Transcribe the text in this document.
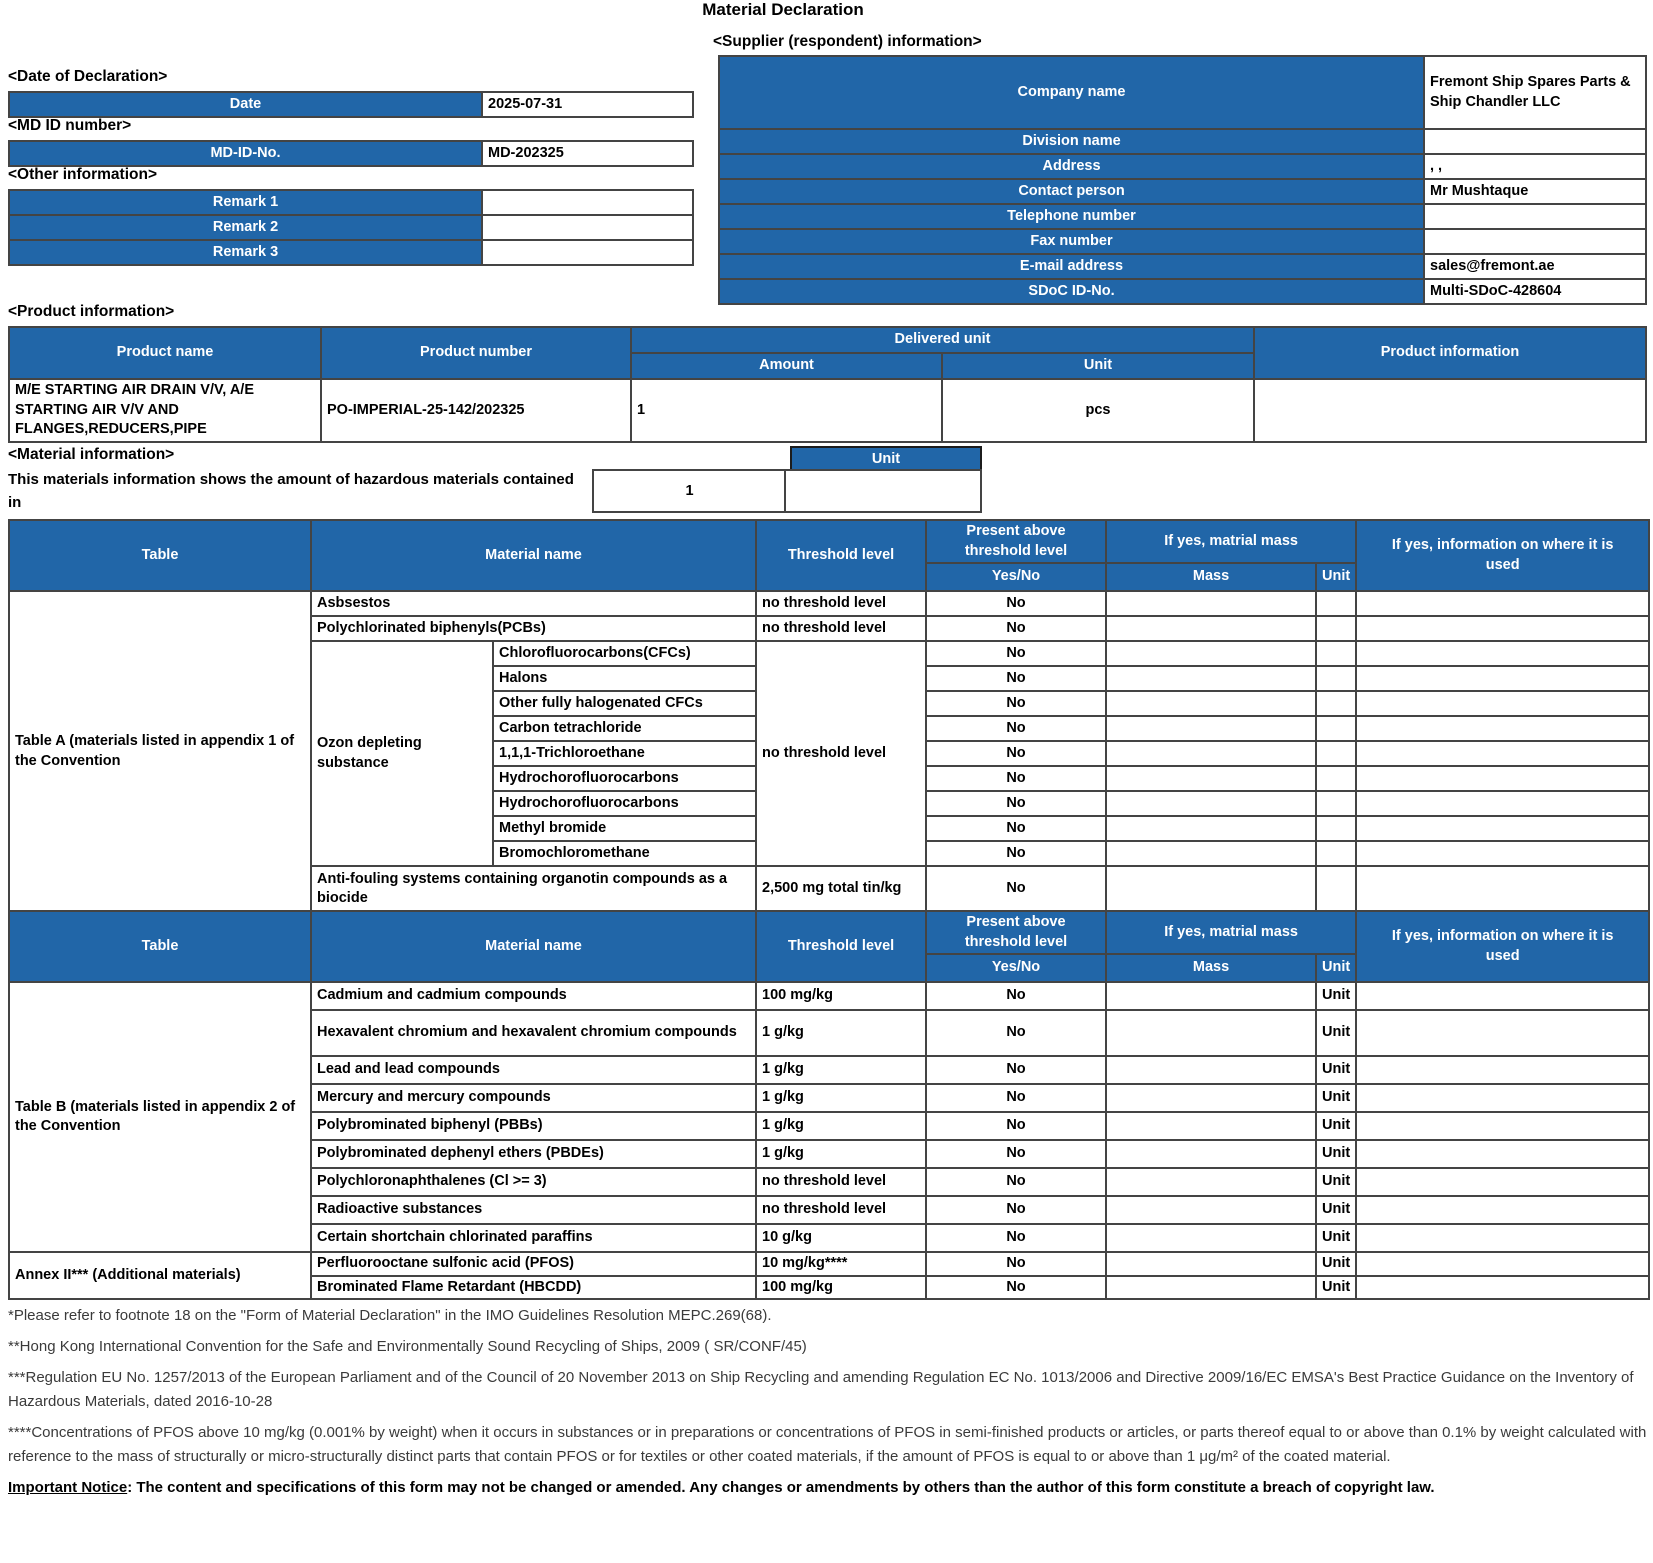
Material Declaration
<Supplier (respondent) information>
<Date of Declaration>
Date	2025-07-31
<MD ID number>
MD-ID-No.	MD-202325
<Other information>
Remark 1	
Remark 2	
Remark 3	
Company name	Fremont Ship Spares Parts & Ship Chandler LLC
Division name	
Address	, ,
Contact person	Mr Mushtaque
Telephone number	
Fax number	
E-mail address	sales@fremont.ae
SDoC ID-No.	Multi-SDoC-428604
<Product information>
Product name	Product number	Delivered unit		Product information
		Amount	Unit	
M/E STARTING AIR DRAIN V/V, A/E STARTING AIR V/V AND FLANGES,REDUCERS,PIPE	PO-IMPERIAL-25-142/202325	1	pcs	
<Material information>
This materials information shows the amount of hazardous materials contained in
Unit
1
Table	Material name		Threshold level	Present above threshold level	If yes, matrial mass		If yes, information on where it is used
				Yes/No	Mass	Unit	
Table A (materials listed in appendix 1 of the Convention	Asbsestos		no threshold level	No			
	Polychlorinated biphenyls(PCBs)		no threshold level	No			
	Ozon depleting substance	Chlorofluorocarbons(CFCs)	no threshold level	No			
		Halons		No			
		Other fully halogenated CFCs		No			
		Carbon tetrachloride		No			
		1,1,1-Trichloroethane		No			
		Hydrochorofluorocarbons		No			
		Hydrochorofluorocarbons		No			
		Methyl bromide		No			
		Bromochloromethane		No			
	Anti-fouling systems containing organotin compounds as a biocide		2,500 mg total tin/kg	No			
Table	Material name	Threshold level	Present above threshold level	If yes, matrial mass		If yes, information on where it is used
			Yes/No	Mass	Unit	
Table B (materials listed in appendix 2 of the Convention	Cadmium and cadmium compounds	100 mg/kg	No		Unit	
	Hexavalent chromium and hexavalent chromium compounds	1 g/kg	No		Unit	
	Lead and lead compounds	1 g/kg	No		Unit	
	Mercury and mercury compounds	1 g/kg	No		Unit	
	Polybrominated biphenyl (PBBs)	1 g/kg	No		Unit	
	Polybrominated dephenyl ethers (PBDEs)	1 g/kg	No		Unit	
	Polychloronaphthalenes (Cl >= 3)	no threshold level	No		Unit	
	Radioactive substances	no threshold level	No		Unit	
	Certain shortchain chlorinated paraffins	10 g/kg	No		Unit	
Annex II*** (Additional materials)	Perfluorooctane sulfonic acid (PFOS)	10 mg/kg****	No		Unit	
	Brominated Flame Retardant (HBCDD)	100 mg/kg	No		Unit	

*Please refer to footnote 18 on the "Form of Material Declaration" in the IMO Guidelines Resolution MEPC.269(68).

**Hong Kong International Convention for the Safe and Environmentally Sound Recycling of Ships, 2009 ( SR/CONF/45)

***Regulation EU No. 1257/2013 of the European Parliament and of the Council of 20 November 2013 on Ship Recycling and amending Regulation EC No. 1013/2006 and Directive 2009/16/EC EMSA's Best Practice Guidance on the Inventory of Hazardous Materials, dated 2016-10-28

****Concentrations of PFOS above 10 mg/kg (0.001% by weight) when it occurs in substances or in preparations or concentrations of PFOS in semi-finished products or articles, or parts thereof equal to or above than 0.1% by weight calculated with reference to the mass of structurally or micro-structurally distinct parts that contain PFOS or for textiles or other coated materials, if the amount of PFOS is equal to or above than 1 μg/m² of the coated material.

Important Notice: The content and specifications of this form may not be changed or amended. Any changes or amendments by others than the author of this form constitute a breach of copyright law.
